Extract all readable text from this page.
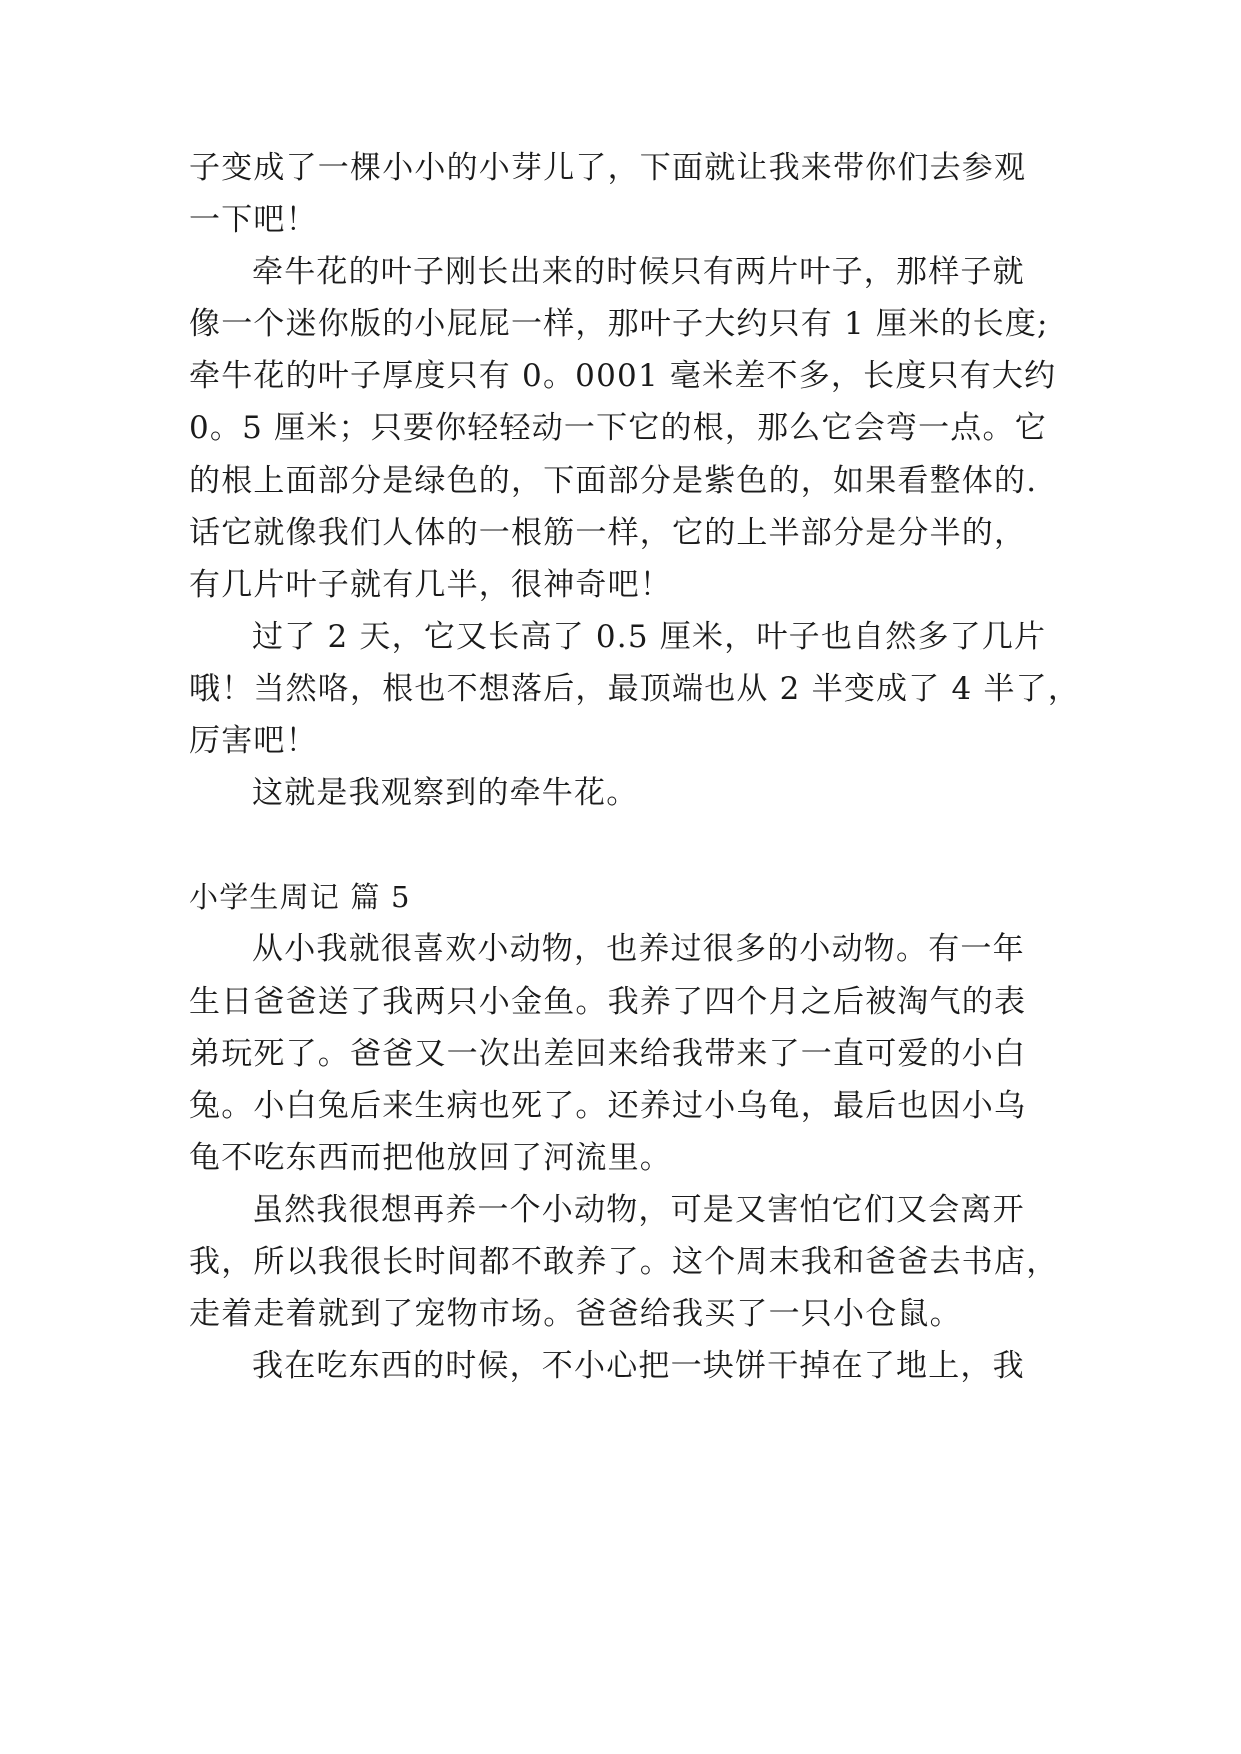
子变成了一棵小小的小芽儿了，下面就让我来带你们去参观
一下吧！
牵牛花的叶子刚长出来的时候只有两片叶子，那样子就
像一个迷你版的小屁屁一样，那叶子大约只有 1 厘米的长度;
牵牛花的叶子厚度只有 0。0001 毫米差不多，长度只有大约
0。5 厘米；只要你轻轻动一下它的根，那么它会弯一点。它
的根上面部分是绿色的，下面部分是紫色的，如果看整体的.
话它就像我们人体的一根筋一样，它的上半部分是分半的，
有几片叶子就有几半，很神奇吧！
过了 2 天，它又长高了 0.5 厘米，叶子也自然多了几片
哦！当然咯，根也不想落后，最顶端也从 2 半变成了 4 半了，
厉害吧！
这就是我观察到的牵牛花。
小学生周记 篇 5
从小我就很喜欢小动物，也养过很多的小动物。有一年
生日爸爸送了我两只小金鱼。我养了四个月之后被淘气的表
弟玩死了。爸爸又一次出差回来给我带来了一直可爱的小白
兔。小白兔后来生病也死了。还养过小乌龟，最后也因小乌
龟不吃东西而把他放回了河流里。
虽然我很想再养一个小动物，可是又害怕它们又会离开
我，所以我很长时间都不敢养了。这个周末我和爸爸去书店，
走着走着就到了宠物市场。爸爸给我买了一只小仓鼠。
我在吃东西的时候，不小心把一块饼干掉在了地上，我
